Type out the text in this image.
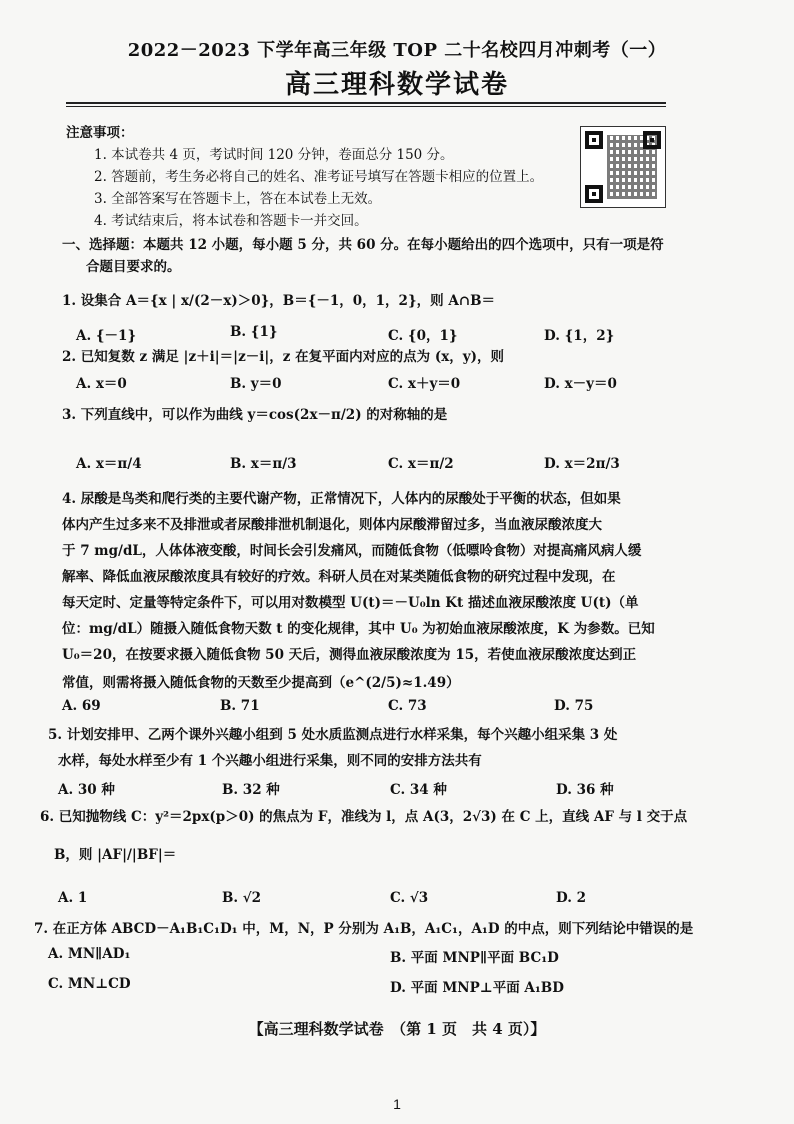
2022－2023 下学年高三年级 TOP 二十名校四月冲刺考（一）
高三理科数学试卷
注意事项：
1. 本试卷共 4 页，考试时间 120 分钟，卷面总分 150 分。
2. 答题前，考生务必将自己的姓名、准考证号填写在答题卡相应的位置上。
3. 全部答案写在答题卡上，答在本试卷上无效。
4. 考试结束后，将本试卷和答题卡一并交回。
一、选择题：本题共 12 小题，每小题 5 分，共 60 分。在每小题给出的四个选项中，只有一项是符
合题目要求的。
1. 设集合 A＝{x | x/(2－x)＞0}，B＝{－1，0，1，2}，则 A∩B＝
A. {－1}	B. {1}	C. {0，1}	D. {1，2}
2. 已知复数 z 满足 |z＋i|＝|z－i|，z 在复平面内对应的点为 (x，y)，则
A. x＝0	B. y＝0	C. x＋y＝0	D. x－y＝0
3. 下列直线中，可以作为曲线 y＝cos(2x－π/2) 的对称轴的是
A. x＝π/4	B. x＝π/3	C. x＝π/2	D. x＝2π/3
4. 尿酸是鸟类和爬行类的主要代谢产物，正常情况下，人体内的尿酸处于平衡的状态，但如果
体内产生过多来不及排泄或者尿酸排泄机制退化，则体内尿酸滞留过多，当血液尿酸浓度大
于 7 mg/dL，人体体液变酸，时间长会引发痛风，而随低食物（低嘌呤食物）对提高痛风病人缓
解率、降低血液尿酸浓度具有较好的疗效。科研人员在对某类随低食物的研究过程中发现，在
每天定时、定量等特定条件下，可以用对数模型 U(t)＝－U₀ln Kt 描述血液尿酸浓度 U(t)（单
位：mg/dL）随摄入随低食物天数 t 的变化规律，其中 U₀ 为初始血液尿酸浓度，K 为参数。已知
U₀＝20，在按要求摄入随低食物 50 天后，测得血液尿酸浓度为 15，若使血液尿酸浓度达到正
常值，则需将摄入随低食物的天数至少提高到（e^(2/5)≈1.49）
A. 69	B. 71	C. 73	D. 75
5. 计划安排甲、乙两个课外兴趣小组到 5 处水质监测点进行水样采集，每个兴趣小组采集 3 处
水样，每处水样至少有 1 个兴趣小组进行采集，则不同的安排方法共有
A. 30 种	B. 32 种	C. 34 种	D. 36 种
6. 已知抛物线 C：y²＝2px(p＞0) 的焦点为 F，准线为 l，点 A(3，2√3) 在 C 上，直线 AF 与 l 交于点
B，则 |AF|/|BF|＝
A. 1	B. √2	C. √3	D. 2
7. 在正方体 ABCD－A₁B₁C₁D₁ 中，M，N，P 分别为 A₁B，A₁C₁，A₁D 的中点，则下列结论中错误的是
A. MN∥AD₁	B. 平面 MNP∥平面 BC₁D
C. MN⊥CD	D. 平面 MNP⊥平面 A₁BD
【高三理科数学试卷　（第 1 页　共 4 页）】
1
